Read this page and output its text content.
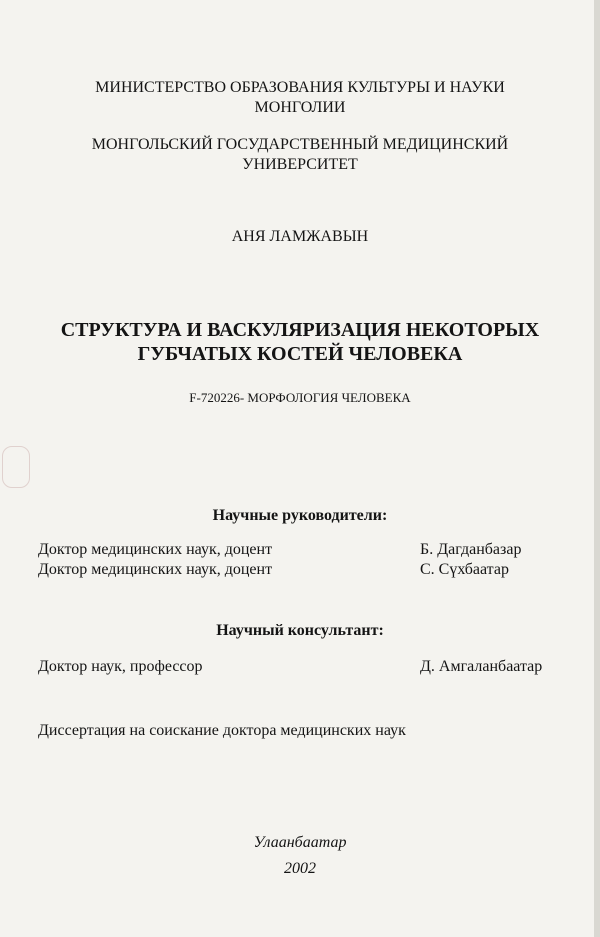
МИНИСТЕРСТВО ОБРАЗОВАНИЯ КУЛЬТУРЫ И НАУКИ
МОНГОЛИИ
МОНГОЛЬСКИЙ ГОСУДАРСТВЕННЫЙ МЕДИЦИНСКИЙ
УНИВЕРСИТЕТ
АНЯ ЛАМЖАВЫН
СТРУКТУРА И ВАСКУЛЯРИЗАЦИЯ НЕКОТОРЫХ
ГУБЧАТЫХ КОСТЕЙ ЧЕЛОВЕКА
F-720226- МОРФОЛОГИЯ ЧЕЛОВЕКА
Научные руководители:
Доктор медицинских наук, доцент	Б. Дагданбазар
Доктор медицинских наук, доцент	С. Сүхбаатар
Научный консультант:
Доктор наук, профессор	Д. Амгаланбаатар
Диссертация на соискание доктора медицинских наук
Улаанбаатар
2002
